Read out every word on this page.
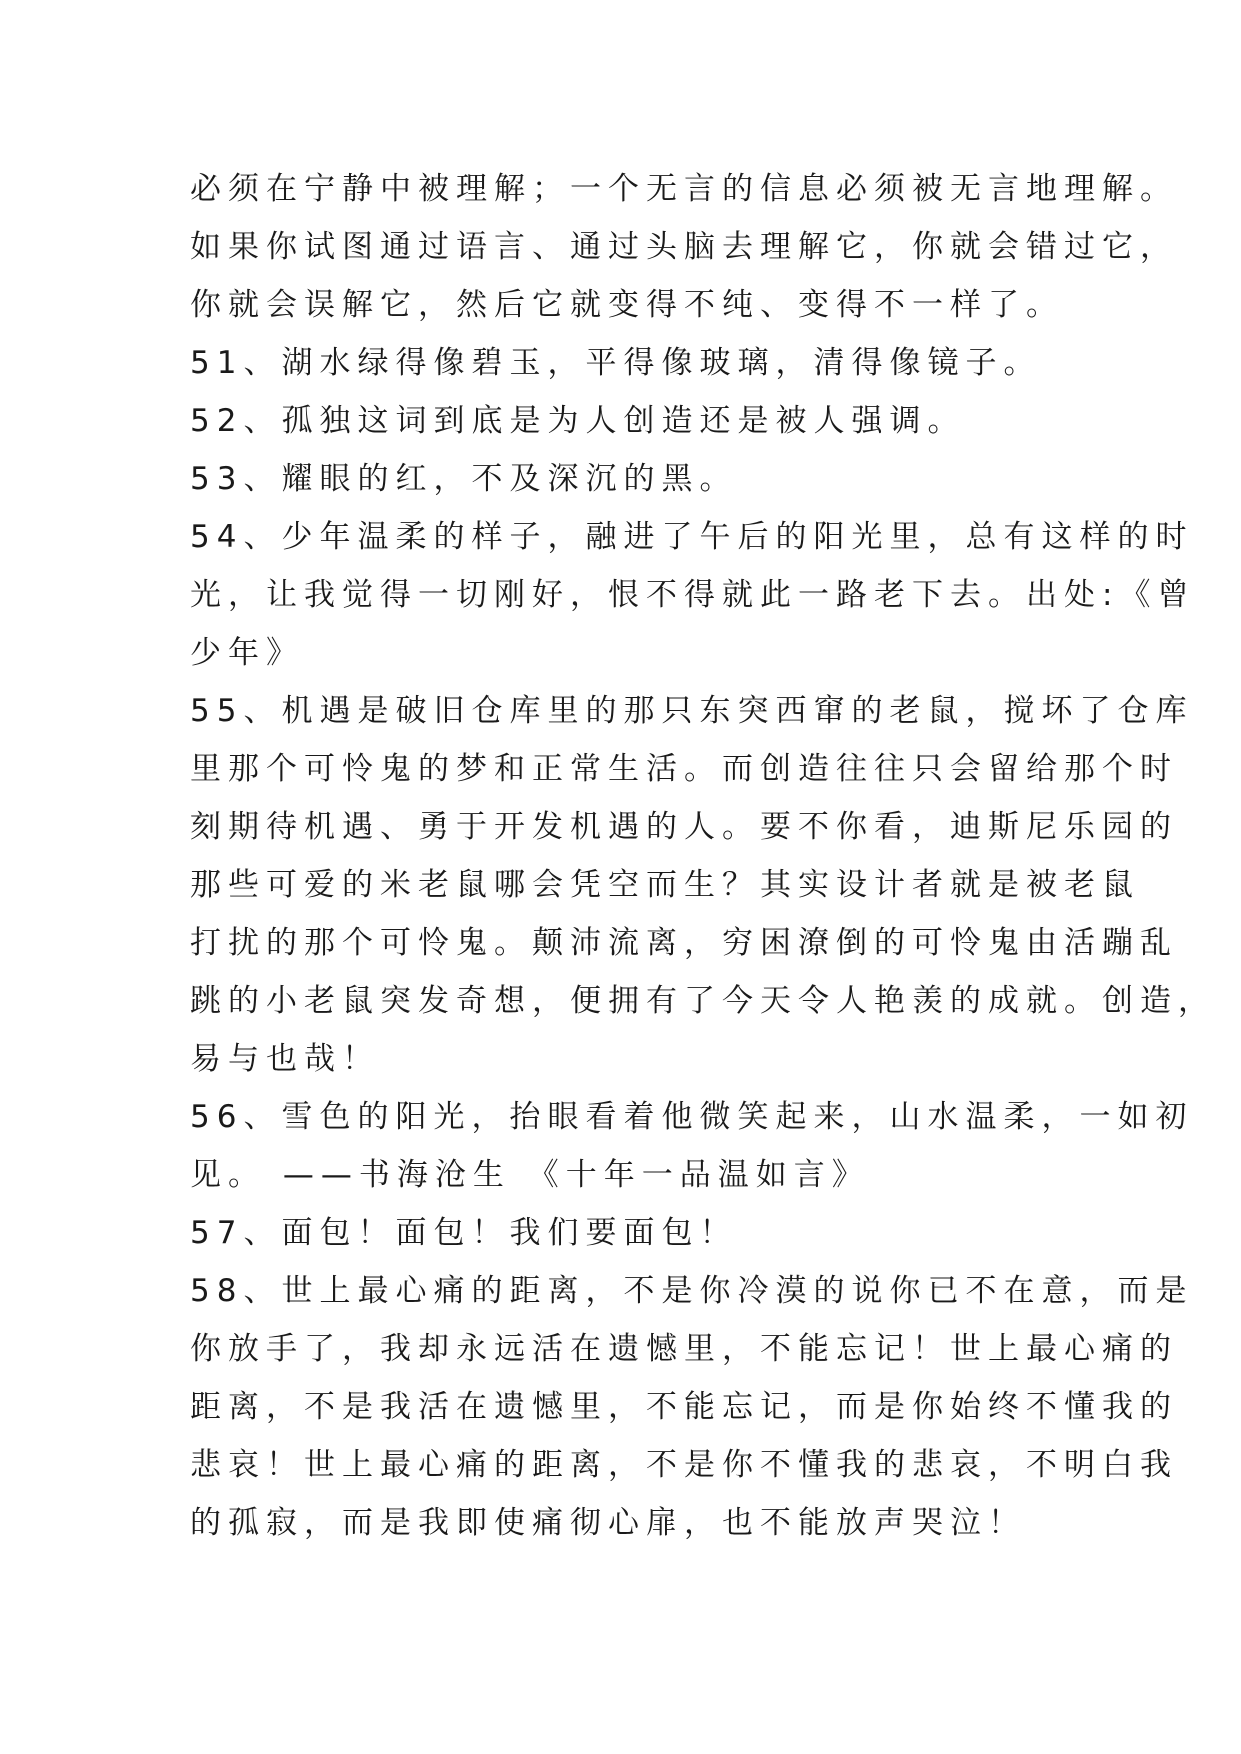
必须在宁静中被理解；一个无言的信息必须被无言地理解。
如果你试图通过语言、通过头脑去理解它，你就会错过它，
你就会误解它，然后它就变得不纯、变得不一样了。
51、湖水绿得像碧玉，平得像玻璃，清得像镜子。
52、孤独这词到底是为人创造还是被人强调。
53、耀眼的红，不及深沉的黑。
54、少年温柔的样子，融进了午后的阳光里，总有这样的时
光，让我觉得一切刚好，恨不得就此一路老下去。出处:《曾
少年》
55、机遇是破旧仓库里的那只东突西窜的老鼠，搅坏了仓库
里那个可怜鬼的梦和正常生活。而创造往往只会留给那个时
刻期待机遇、勇于开发机遇的人。要不你看，迪斯尼乐园的
那些可爱的米老鼠哪会凭空而生？其实设计者就是被老鼠
打扰的那个可怜鬼。颠沛流离，穷困潦倒的可怜鬼由活蹦乱
跳的小老鼠突发奇想，便拥有了今天令人艳羡的成就。创造，
易与也哉！
56、雪色的阳光，抬眼看着他微笑起来，山水温柔，一如初
见。 ——书海沧生 《十年一品温如言》
57、面包！面包！我们要面包！
58、世上最心痛的距离，不是你冷漠的说你已不在意，而是
你放手了，我却永远活在遗憾里，不能忘记！世上最心痛的
距离，不是我活在遗憾里，不能忘记，而是你始终不懂我的
悲哀！世上最心痛的距离，不是你不懂我的悲哀，不明白我
的孤寂，而是我即使痛彻心扉，也不能放声哭泣！
